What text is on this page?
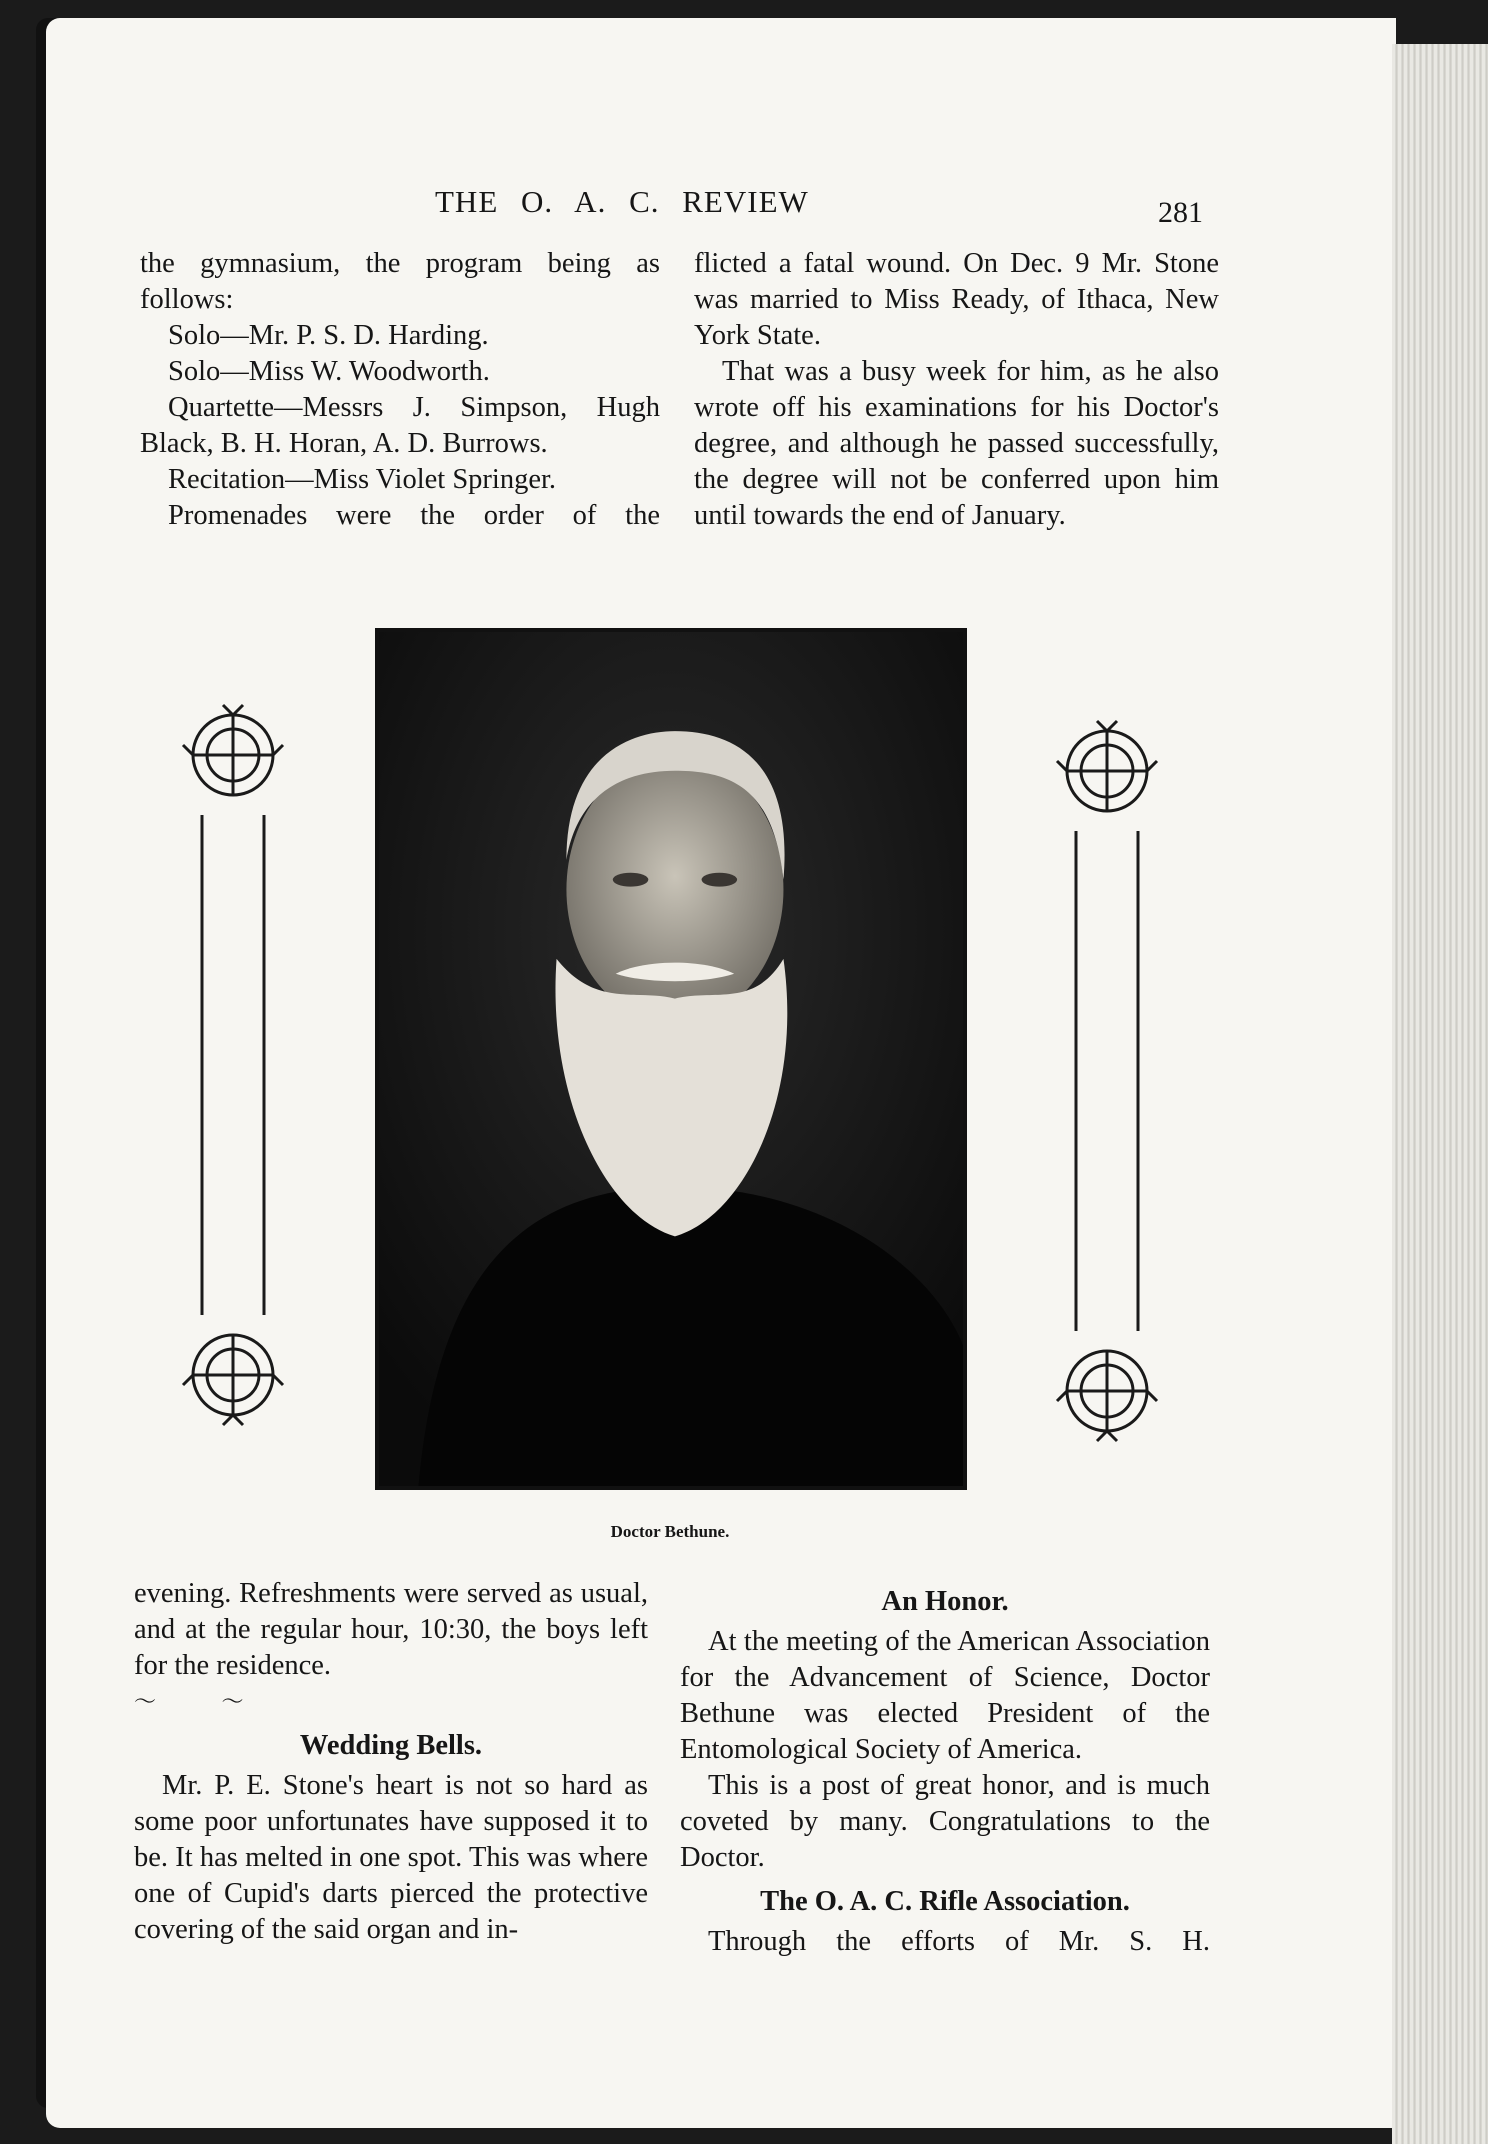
THE O. A. C. REVIEW	281

the gymnasium, the program being as follows:

Solo—Mr. P. S. D. Harding.

Solo—Miss W. Woodworth.

Quartette—Messrs J. Simpson, Hugh Black, B. H. Horan, A. D. Burrows.

Recitation—Miss Violet Springer.

Promenades were the order of the

flicted a fatal wound. On Dec. 9 Mr. Stone was married to Miss Ready, of Ithaca, New York State.

That was a busy week for him, as he also wrote off his examinations for his Doctor's degree, and although he passed successfully, the degree will not be conferred upon him until towards the end of January.

Doctor Bethune.

evening. Refreshments were served as usual, and at the regular hour, 10:30, the boys left for the residence.

〜 〜

Wedding Bells.

Mr. P. E. Stone's heart is not so hard as some poor unfortunates have supposed it to be. It has melted in one spot. This was where one of Cupid's darts pierced the protective covering of the said organ and in-

An Honor.

At the meeting of the American Association for the Advancement of Science, Doctor Bethune was elected President of the Entomological Society of America.

This is a post of great honor, and is much coveted by many. Congratulations to the Doctor.

The O. A. C. Rifle Association.

Through the efforts of Mr. S. H.
